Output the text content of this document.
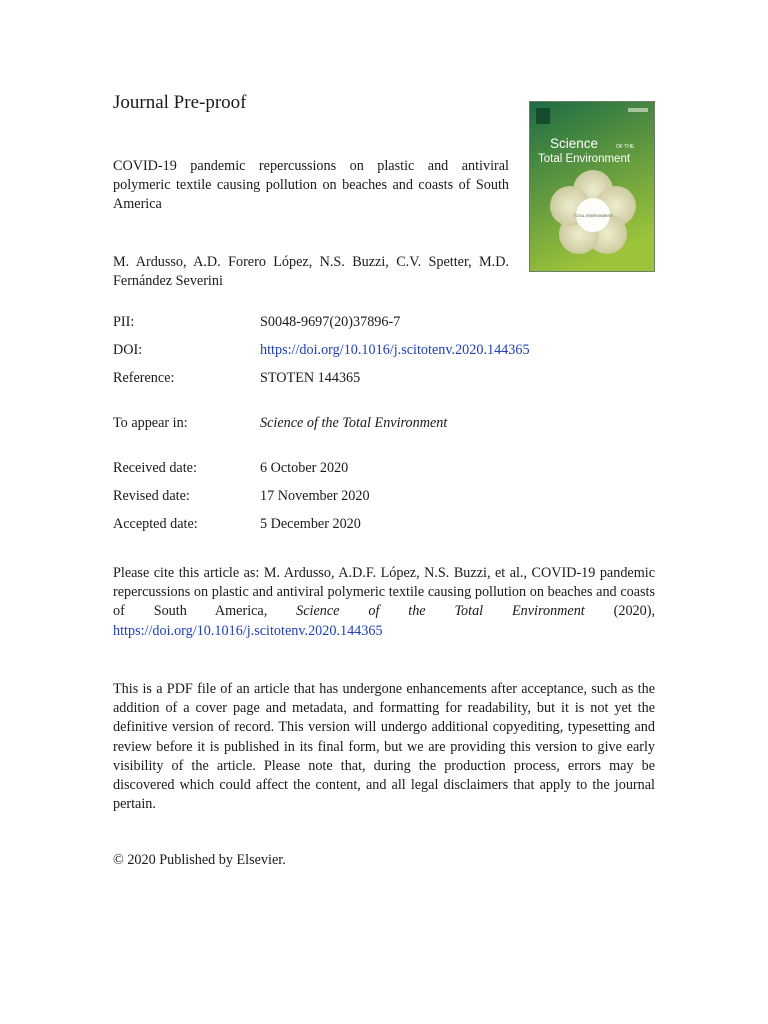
Journal Pre-proof
Science	OF THE
Total Environment
TOTAL ENVIRONMENT

COVID-19 pandemic repercussions on plastic and antiviral polymeric textile causing pollution on beaches and coasts of South America

M. Ardusso, A.D. Forero López, N.S. Buzzi, C.V. Spetter, M.D. Fernández Severini

PII:	S0048-9697(20)37896-7
DOI:	https://doi.org/10.1016/j.scitotenv.2020.144365
Reference:	STOTEN 144365
To appear in:	Science of the Total Environment
Received date:	6 October 2020
Revised date:	17 November 2020
Accepted date:	5 December 2020

Please cite this article as: M. Ardusso, A.D.F. López, N.S. Buzzi, et al., COVID-19 pandemic repercussions on plastic and antiviral polymeric textile causing pollution on beaches and coasts of South America, Science of the Total Environment (2020), https://doi.org/10.1016/j.scitotenv.2020.144365

This is a PDF file of an article that has undergone enhancements after acceptance, such as the addition of a cover page and metadata, and formatting for readability, but it is not yet the definitive version of record. This version will undergo additional copyediting, typesetting and review before it is published in its final form, but we are providing this version to give early visibility of the article. Please note that, during the production process, errors may be discovered which could affect the content, and all legal disclaimers that apply to the journal pertain.

© 2020 Published by Elsevier.
